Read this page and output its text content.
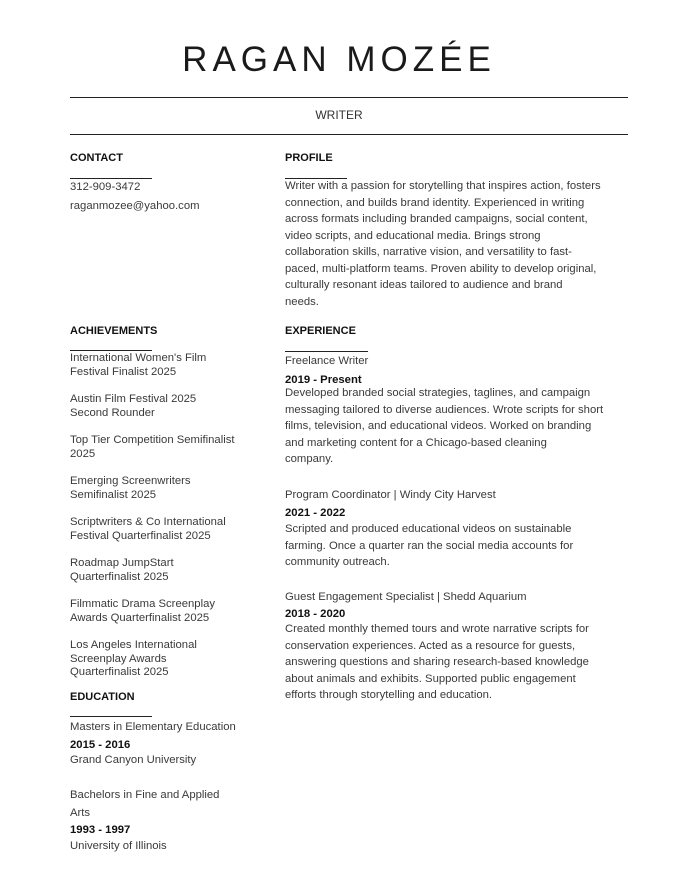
RAGAN MOZÉE
WRITER
CONTACT
312-909-3472
raganmozee@yahoo.com
PROFILE
Writer with a passion for storytelling that inspires action, fosters
connection, and builds brand identity. Experienced in writing
across formats including branded campaigns, social content,
video scripts, and educational media. Brings strong
collaboration skills, narrative vision, and versatility to fast-
paced, multi-platform teams. Proven ability to develop original,
culturally resonant ideas tailored to audience and brand
needs.
ACHIEVEMENTS
International Women's Film
Festival Finalist 2025
Austin Film Festival 2025
Second Rounder
Top Tier Competition Semifinalist
2025
Emerging Screenwriters
Semifinalist 2025
Scriptwriters & Co International
Festival Quarterfinalist 2025
Roadmap JumpStart
Quarterfinalist 2025
Filmmatic Drama Screenplay
Awards Quarterfinalist 2025
Los Angeles International
Screenplay Awards
Quarterfinalist 2025
EDUCATION
Masters in Elementary Education
2015 - 2016
Grand Canyon University
Bachelors in Fine and Applied
Arts
1993 - 1997
University of Illinois
EXPERIENCE
Freelance Writer
2019 - Present
Developed branded social strategies, taglines, and campaign
messaging tailored to diverse audiences. Wrote scripts for short
films, television, and educational videos. Worked on branding
and marketing content for a Chicago-based cleaning
company.
Program Coordinator | Windy City Harvest
2021 - 2022
Scripted and produced educational videos on sustainable
farming. Once a quarter ran the social media accounts for
community outreach.
Guest Engagement Specialist | Shedd Aquarium
2018 - 2020
Created monthly themed tours and wrote narrative scripts for
conservation experiences. Acted as a resource for guests,
answering questions and sharing research-based knowledge
about animals and exhibits. Supported public engagement
efforts through storytelling and education.
